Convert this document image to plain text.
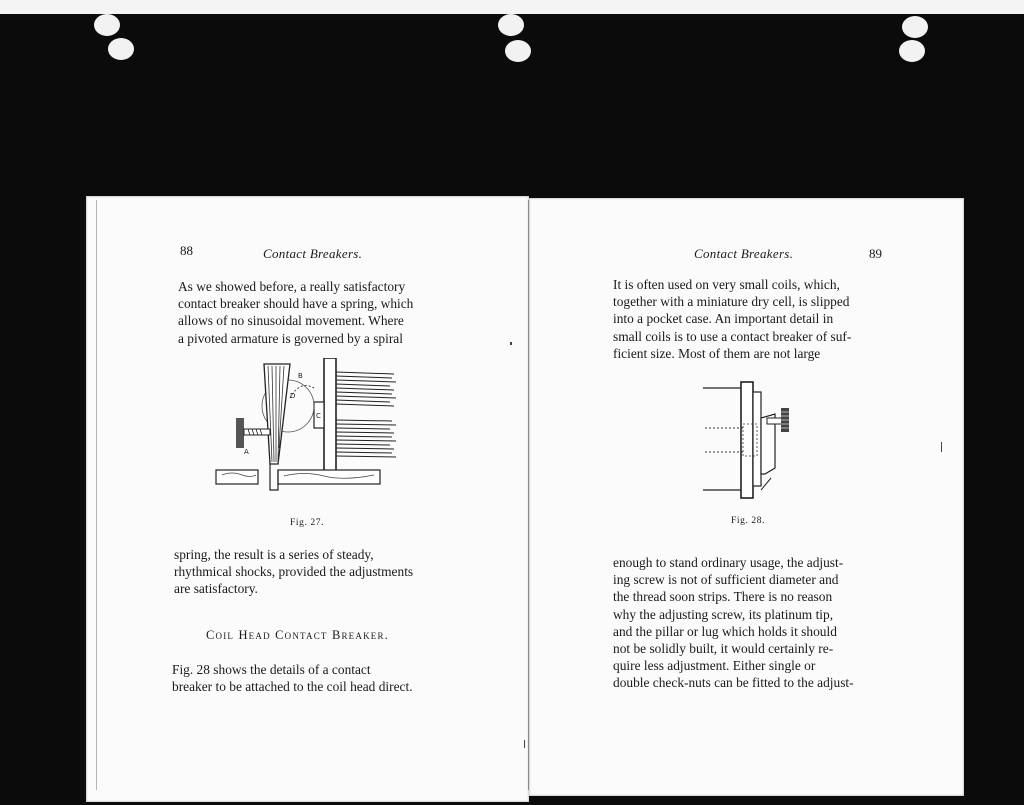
88	Contact Breakers.

As we showed before, a really satisfactory
contact breaker should have a spring, which
allows of no sinusoidal movement. Where
a pivoted armature is governed by a spiral

A
B
C
D
Fig. 27.

spring, the result is a series of steady,
rhythmical shocks, provided the adjustments
are satisfactory.

Coil Head Contact Breaker.

Fig. 28 shows the details of a contact
breaker to be attached to the coil head direct.

Contact Breakers.	89

It is often used on very small coils, which,
together with a miniature dry cell, is slipped
into a pocket case. An important detail in
small coils is to use a contact breaker of suf-
ficient size. Most of them are not large

Fig. 28.

enough to stand ordinary usage, the adjust-
ing screw is not of sufficient diameter and
the thread soon strips. There is no reason
why the adjusting screw, its platinum tip,
and the pillar or lug which holds it should
not be solidly built, it would certainly re-
quire less adjustment. Either single or
double check-nuts can be fitted to the adjust-
